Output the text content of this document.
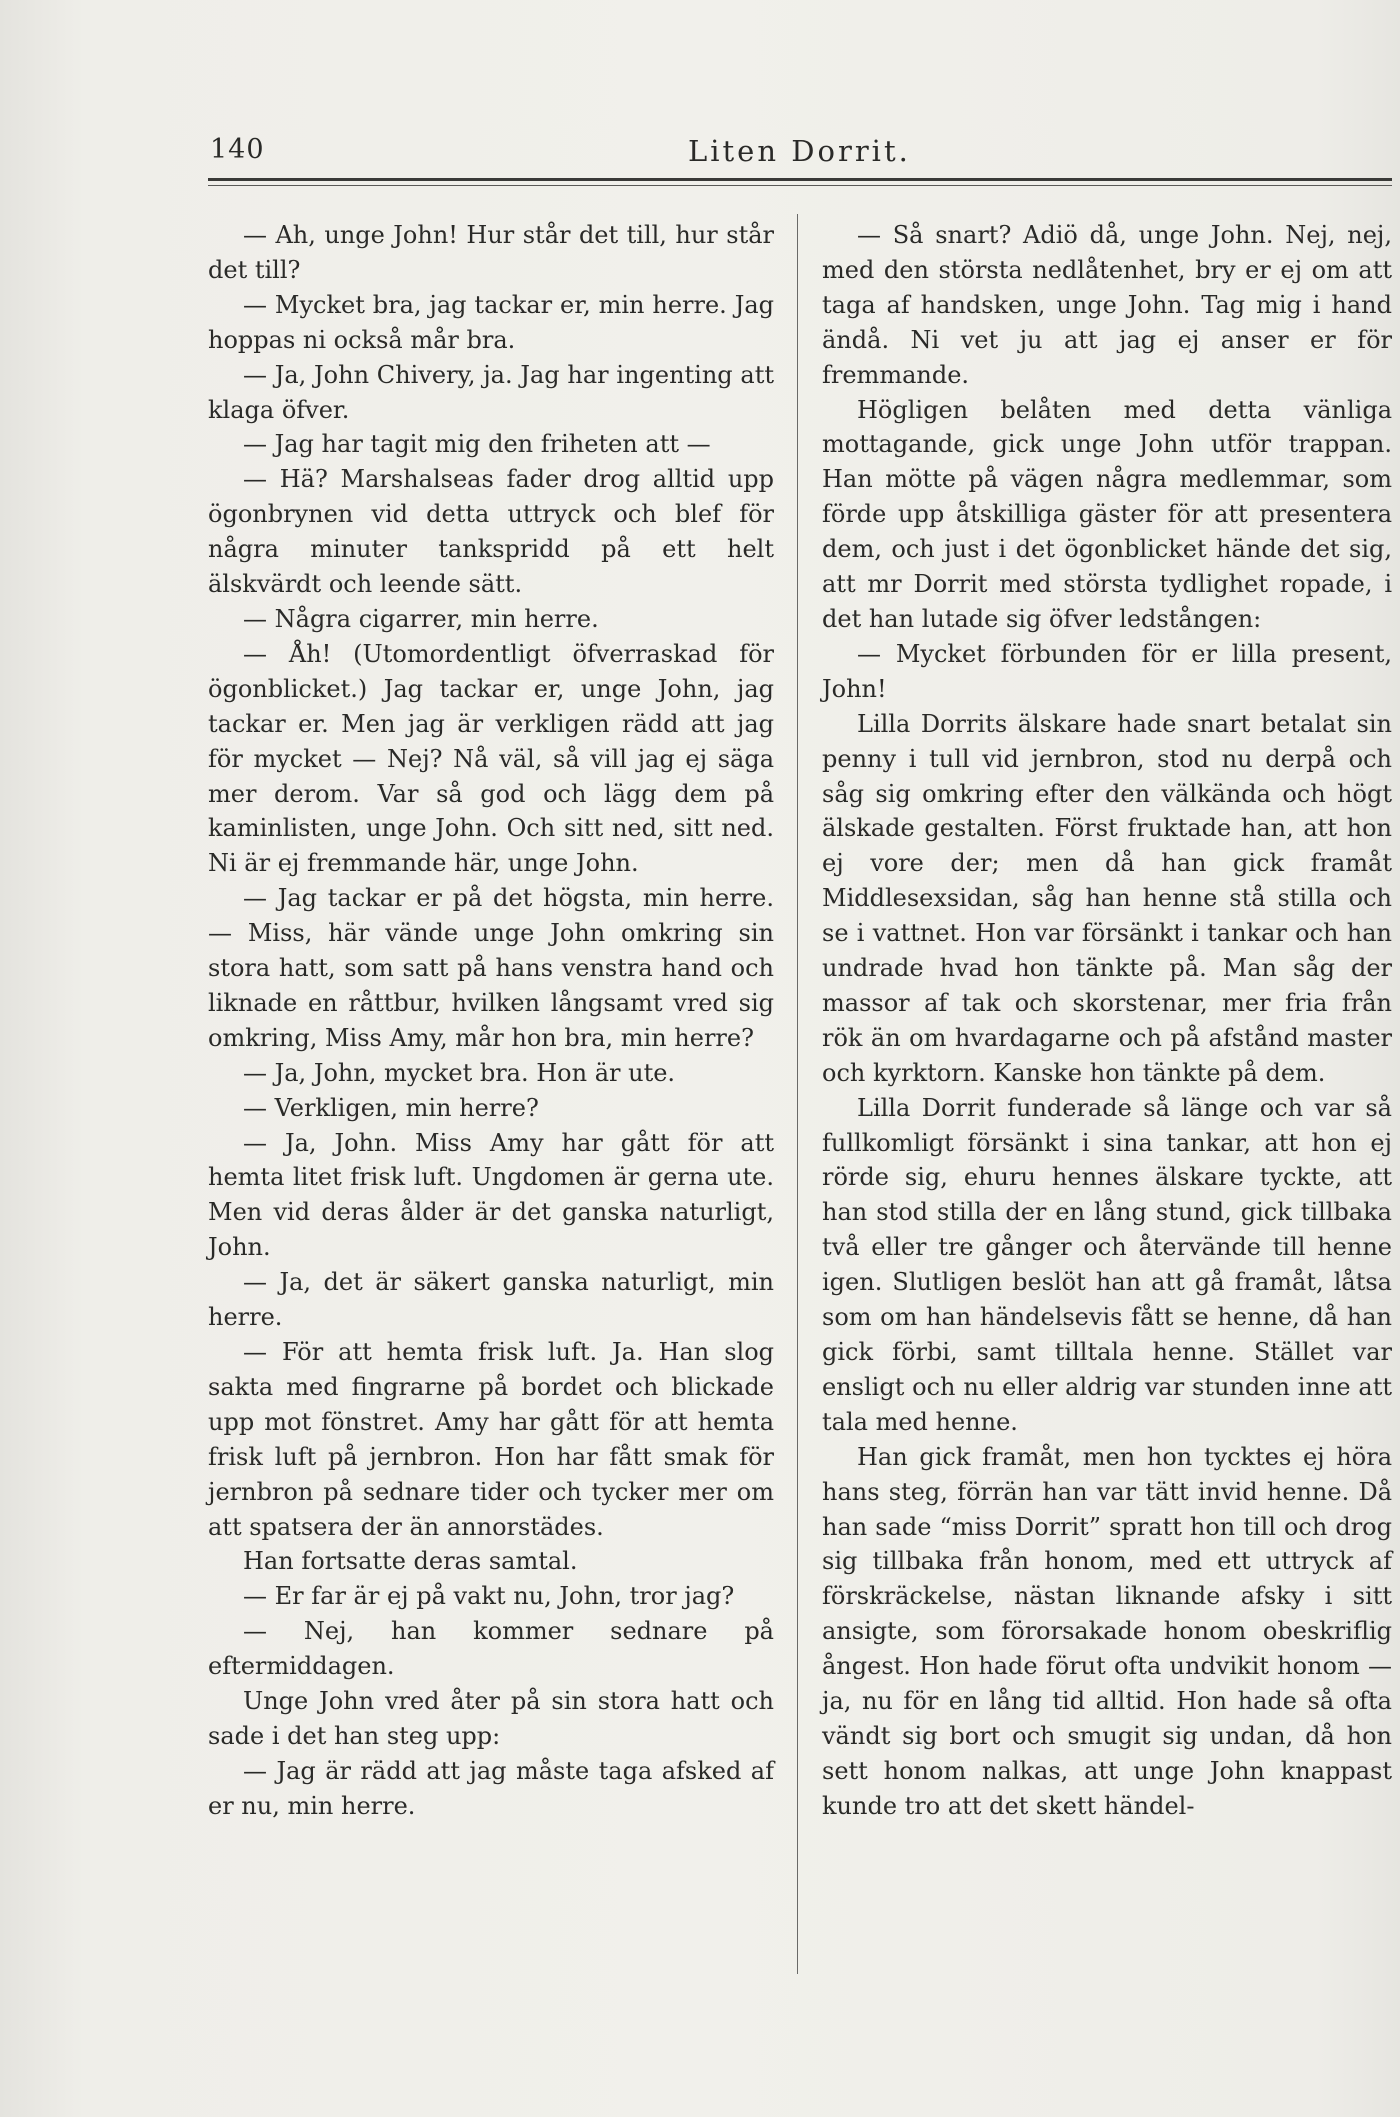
140	Liten Dorrit.

— Ah, unge John! Hur står det till, hur står det till?

— Mycket bra, jag tackar er, min herre. Jag hoppas ni också mår bra.

— Ja, John Chivery, ja. Jag har ingenting att klaga öfver.

— Jag har tagit mig den friheten att —

— Hä? Marshalseas fader drog alltid upp ögonbrynen vid detta uttryck och blef för några minuter tankspridd på ett helt älskvärdt och leende sätt.

— Några cigarrer, min herre.

— Åh! (Utomordentligt öfverraskad för ögonblicket.) Jag tackar er, unge John, jag tackar er. Men jag är verkligen rädd att jag för mycket — Nej? Nå väl, så vill jag ej säga mer derom. Var så god och lägg dem på kaminlisten, unge John. Och sitt ned, sitt ned. Ni är ej fremmande här, unge John.

— Jag tackar er på det högsta, min herre. — Miss, här vände unge John omkring sin stora hatt, som satt på hans venstra hand och liknade en råttbur, hvilken långsamt vred sig omkring, Miss Amy, mår hon bra, min herre?

— Ja, John, mycket bra. Hon är ute.

— Verkligen, min herre?

— Ja, John. Miss Amy har gått för att hemta litet frisk luft. Ungdomen är gerna ute. Men vid deras ålder är det ganska naturligt, John.

— Ja, det är säkert ganska naturligt, min herre.

— För att hemta frisk luft. Ja. Han slog sakta med fingrarne på bordet och blickade upp mot fönstret. Amy har gått för att hemta frisk luft på jernbron. Hon har fått smak för jernbron på sednare tider och tycker mer om att spatsera der än annorstädes.

Han fortsatte deras samtal.

— Er far är ej på vakt nu, John, tror jag?

— Nej, han kommer sednare på eftermiddagen.

Unge John vred åter på sin stora hatt och sade i det han steg upp:

— Jag är rädd att jag måste taga afsked af er nu, min herre.

— Så snart? Adiö då, unge John. Nej, nej, med den största nedlåtenhet, bry er ej om att taga af handsken, unge John. Tag mig i hand ändå. Ni vet ju att jag ej anser er för fremmande.

Högligen belåten med detta vänliga mottagande, gick unge John utför trappan. Han mötte på vägen några medlemmar, som förde upp åtskilliga gäster för att presentera dem, och just i det ögonblicket hände det sig, att mr Dorrit med största tydlighet ropade, i det han lutade sig öfver ledstången:

— Mycket förbunden för er lilla present, John!

Lilla Dorrits älskare hade snart betalat sin penny i tull vid jernbron, stod nu derpå och såg sig omkring efter den välkända och högt älskade gestalten. Först fruktade han, att hon ej vore der; men då han gick framåt Middlesexsidan, såg han henne stå stilla och se i vattnet. Hon var försänkt i tankar och han undrade hvad hon tänkte på. Man såg der massor af tak och skorstenar, mer fria från rök än om hvardagarne och på afstånd master och kyrktorn. Kanske hon tänkte på dem.

Lilla Dorrit funderade så länge och var så fullkomligt försänkt i sina tankar, att hon ej rörde sig, ehuru hennes älskare tyckte, att han stod stilla der en lång stund, gick tillbaka två eller tre gånger och återvände till henne igen. Slutligen beslöt han att gå framåt, låtsa som om han händelsevis fått se henne, då han gick förbi, samt tilltala henne. Stället var ensligt och nu eller aldrig var stunden inne att tala med henne.

Han gick framåt, men hon tycktes ej höra hans steg, förrän han var tätt invid henne. Då han sade “miss Dorrit” spratt hon till och drog sig tillbaka från honom, med ett uttryck af förskräckelse, nästan liknande afsky i sitt ansigte, som förorsakade honom obeskriflig ångest. Hon hade förut ofta undvikit honom — ja, nu för en lång tid alltid. Hon hade så ofta vändt sig bort och smugit sig undan, då hon sett honom nalkas, att unge John knappast kunde tro att det skett händel-
